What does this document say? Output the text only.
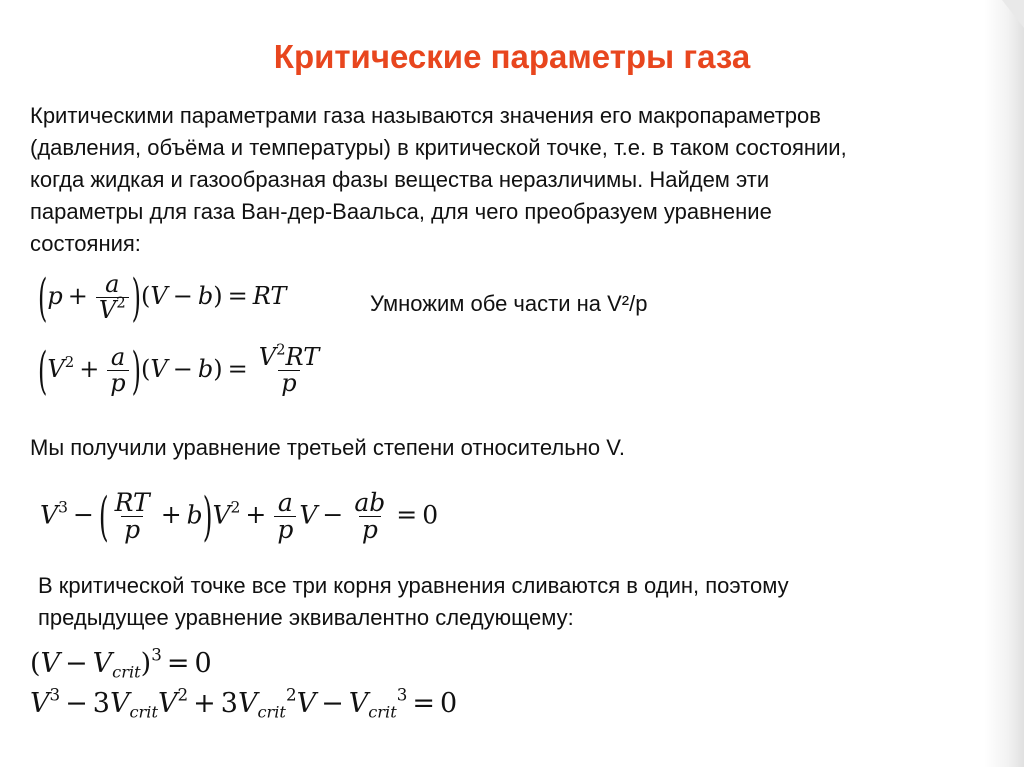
Критические параметры газа
Критическими параметрами газа называются значения его макропараметров
(давления, объёма и температуры) в критической точке, т.е. в таком состоянии,
когда жидкая и газообразная фазы вещества неразличимы. Найдем эти
параметры для газа Ван-дер-Ваальса, для чего преобразуем уравнение
состояния:
$(p + \frac{a}{V^2} )(V - b)$ = RT	Умножим обе части на V²/р
$(V^2 + \frac{a}{p} )(V - b) = \frac{V^2RT}{p}$
Мы получили уравнение третьей степени относительно V.
$V^3$ − ( $\frac{RT}{p} + b)V^2 + \frac{a}{p}$ $V - \frac{ab}{p} = 0$
В критической точке все три корня уравнения сливаются в один, поэтому
предыдущее уравнение эквивалентно следующему:
$(V - V_{crit})^3 = 0$
$V^3 - 3V_{crit}V^2 + 3V_{crit}^2V - V_{crit}^3 = 0$
